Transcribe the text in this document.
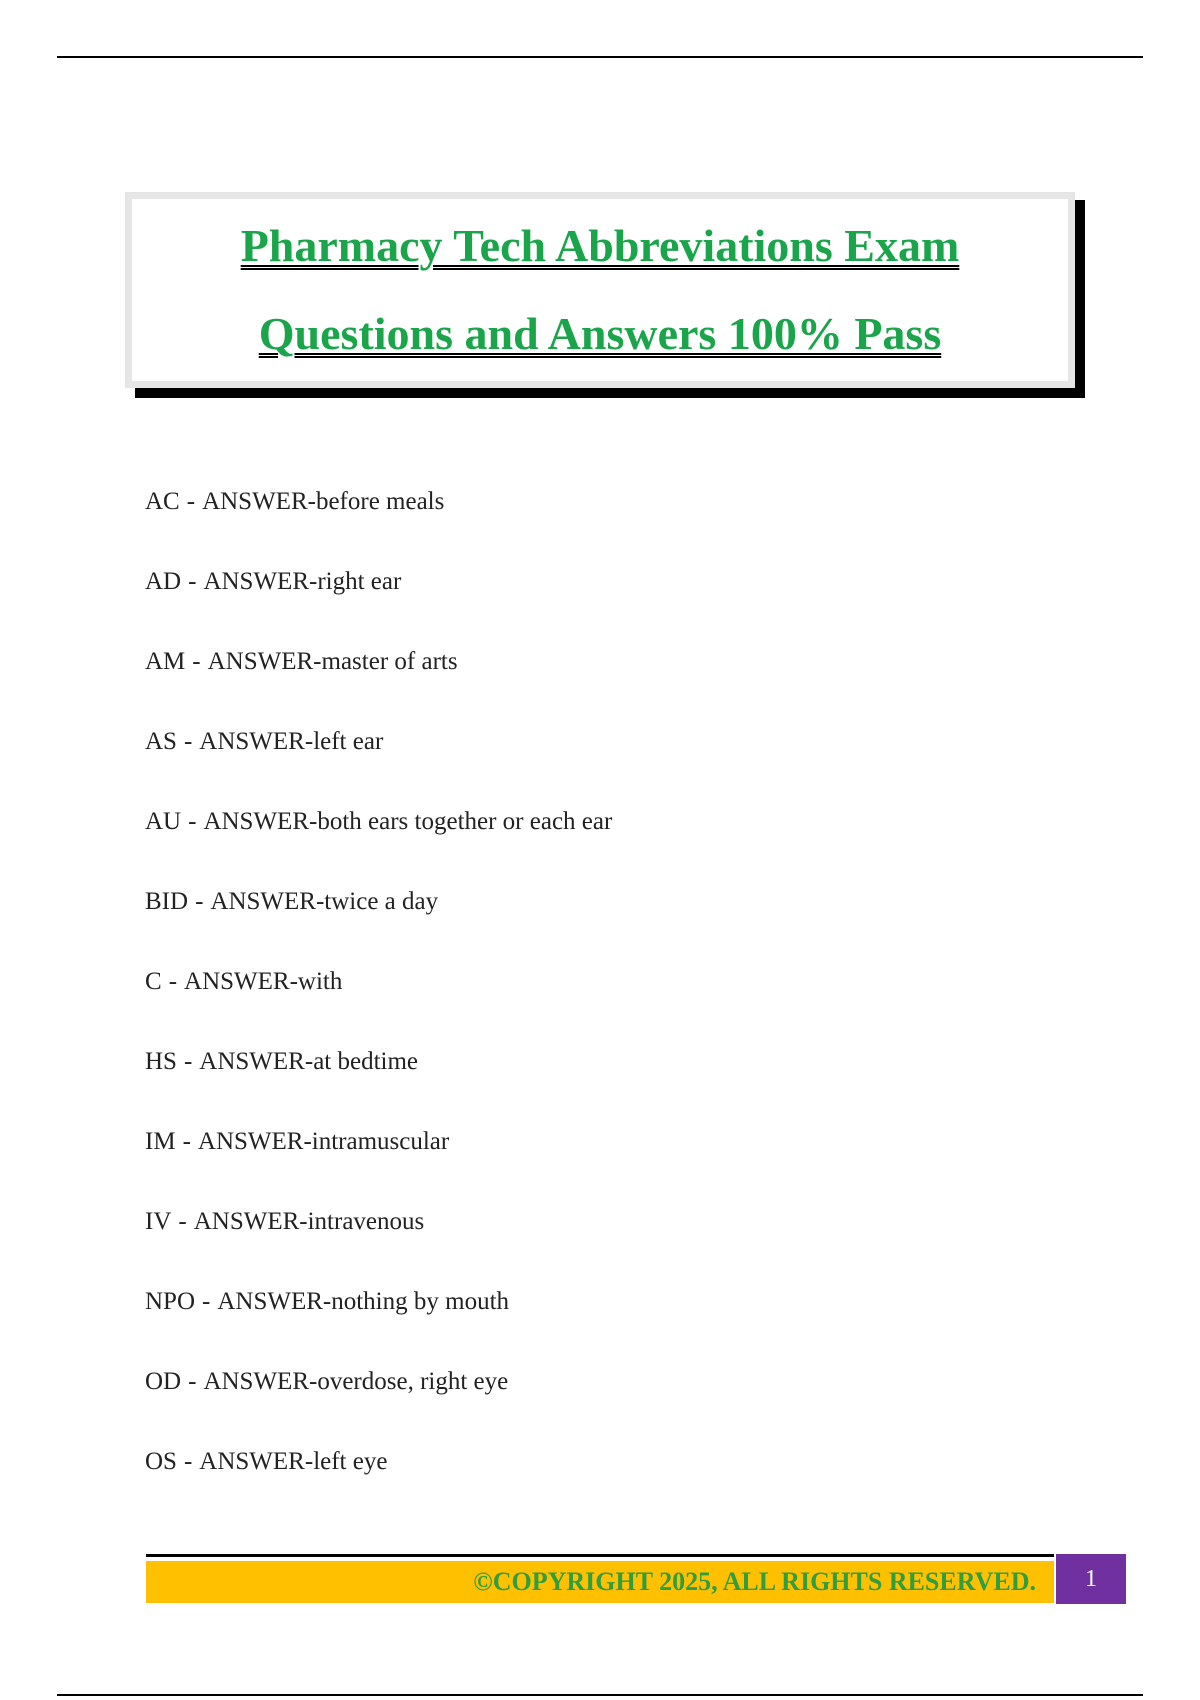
Pharmacy Tech Abbreviations Exam
Questions and Answers 100% Pass
AC - ANSWER-before meals
AD - ANSWER-right ear
AM - ANSWER-master of arts
AS - ANSWER-left ear
AU - ANSWER-both ears together or each ear
BID - ANSWER-twice a day
C - ANSWER-with
HS - ANSWER-at bedtime
IM - ANSWER-intramuscular
IV - ANSWER-intravenous
NPO - ANSWER-nothing by mouth
OD - ANSWER-overdose, right eye
OS - ANSWER-left eye
©COPYRIGHT 2025, ALL RIGHTS RESERVED.	1
